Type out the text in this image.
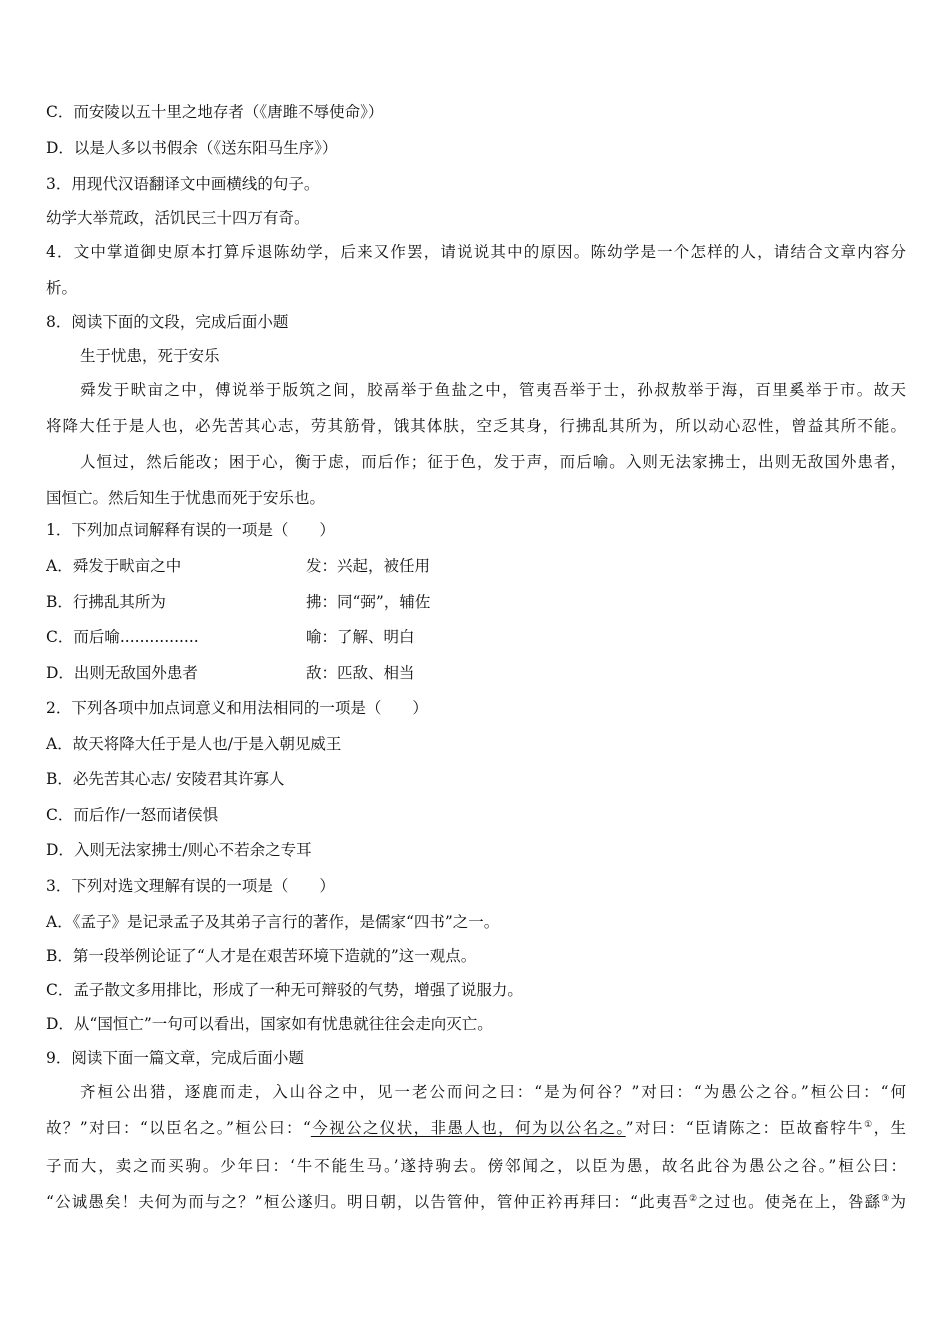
C．而安陵以五十里之地存者（《唐雎不辱使命》）
D．以是人多以书假余（《送东阳马生序》）
3．用现代汉语翻译文中画横线的句子。
幼学大举荒政，活饥民三十四万有奇。
4．文中掌道御史原本打算斥退陈幼学，后来又作罢，请说说其中的原因。陈幼学是一个怎样的人，请结合文章内容分
析。
8．阅读下面的文段，完成后面小题
生于忧患，死于安乐
舜发于畎亩之中，傅说举于版筑之间，胶鬲举于鱼盐之中，管夷吾举于士，孙叔敖举于海，百里奚举于市。故天
将降大任于是人也，必先苦其心志，劳其筋骨，饿其体肤，空乏其身，行拂乱其所为，所以动心忍性，曾益其所不能。
人恒过，然后能改；困于心，衡于虑，而后作；征于色，发于声，而后喻。入则无法家拂士，出则无敌国外患者，
国恒亡。然后知生于忧患而死于安乐也。
1．下列加点词解释有误的一项是（　　）
A．舜发于畎亩之中	发：兴起，被任用
B．行拂乱其所为	拂：同“弼”，辅佐
C．而后喻................	喻：了解、明白
D．出则无敌国外患者	敌：匹敌、相当
2．下列各项中加点词意义和用法相同的一项是（　　）
A．故天将降大任于是人也/于是入朝见威王
B．必先苦其心志/ 安陵君其许寡人
C．而后作/一怒而诸侯惧
D．入则无法家拂士/则心不若余之专耳
3．下列对选文理解有误的一项是（　　）
A．《孟子》是记录孟子及其弟子言行的著作，是儒家“四书”之一。
B．第一段举例论证了“人才是在艰苦环境下造就的”这一观点。
C．孟子散文多用排比，形成了一种无可辩驳的气势，增强了说服力。
D．从“国恒亡”一句可以看出，国家如有忧患就往往会走向灭亡。
9．阅读下面一篇文章，完成后面小题
齐桓公出猎，逐鹿而走，入山谷之中，见一老公而问之曰：“是为何谷？”对曰：“为愚公之谷。”桓公曰：“何
故？”对曰：“以臣名之。”桓公曰：“今视公之仪状，非愚人也，何为以公名之。”对曰：“臣请陈之：臣故畜牸牛①，生
子而大，卖之而买驹。少年曰：‘牛不能生马。’遂持驹去。傍邻闻之，以臣为愚，故名此谷为愚公之谷。”桓公曰：
“公诚愚矣！夫何为而与之？”桓公遂归。明日朝，以告管仲，管仲正衿再拜曰：“此夷吾②之过也。使尧在上，咎繇③为
